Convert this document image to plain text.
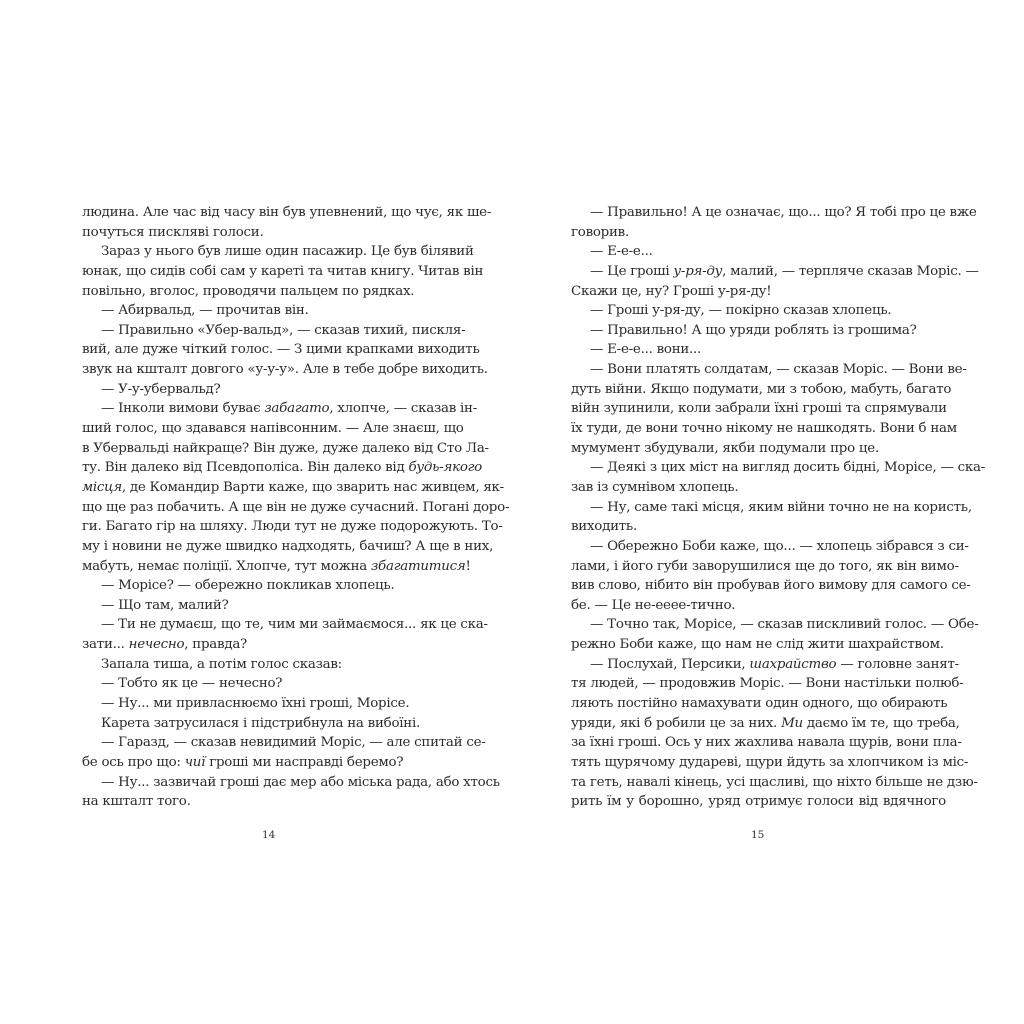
людина. Але час від часу він був упевнений, що чує, як ше-
почуться пискляві голоси.
Зараз у нього був лише один пасажир. Це був білявий
юнак, що сидів собі сам у кареті та читав книгу. Читав він
повільно, вголос, проводячи пальцем по рядках.
— Абирвальд, — прочитав він.
— Правильно «Убер-вальд», — сказав тихий, пискля-
вий, але дуже чіткий голос. — З цими крапками виходить
звук на кшталт довгого «у-у-у». Але в тебе добре виходить.
— У-у-убервальд?
— Інколи вимови буває забагато, хлопче, — сказав ін-
ший голос, що здавався напівсонним. — Але знаєш, що
в Убервальді найкраще? Він дуже, дуже далеко від Сто Ла-
ту. Він далеко від Псевдополіса. Він далеко від будь-якого
місця, де Командир Варти каже, що зварить нас живцем, як-
що ще раз побачить. А ще він не дуже сучасний. Погані доро-
ги. Багато гір на шляху. Люди тут не дуже подорожують. То-
му і новини не дуже швидко надходять, бачиш? А ще в них,
мабуть, немає поліції. Хлопче, тут можна збагатитися!
— Морісе? — обережно покликав хлопець.
— Що там, малий?
— Ти не думаєш, що те, чим ми займаємося... як це ска-
зати... нечесно, правда?
Запала тиша, а потім голос сказав:
— Тобто як це — нечесно?
— Ну... ми привласнюємо їхні гроші, Морісе.
Карета затрусилася і підстрибнула на вибоїні.
— Гаразд, — сказав невидимий Моріс, — але спитай се-
бе ось про що: чиї гроші ми насправді беремо?
— Ну... зазвичай гроші дає мер або міська рада, або хтось
на кшталт того.
— Правильно! А це означає, що... що? Я тобі про це вже
говорив.
— Е-е-е...
— Це гроші у-ря-ду, малий, — терпляче сказав Моріс. —
Скажи це, ну? Гроші у-ря-ду!
— Гроші у-ря-ду, — покірно сказав хлопець.
— Правильно! А що уряди роблять із грошима?
— Е-е-е... вони...
— Вони платять солдатам, — сказав Моріс. — Вони ве-
дуть війни. Якщо подумати, ми з тобою, мабуть, багато
війн зупинили, коли забрали їхні гроші та спрямували
їх туди, де вони точно нікому не нашкодять. Вони б нам
мумумент збудували, якби подумали про це.
— Деякі з цих міст на вигляд досить бідні, Морісе, — ска-
зав із сумнівом хлопець.
— Ну, саме такі місця, яким війни точно не на користь,
виходить.
— Обережно Боби каже, що... — хлопець зібрався з си-
лами, і його губи заворушилися ще до того, як він вимо-
вив слово, нібито він пробував його вимову для самого се-
бе. — Це не-еееe-тично.
— Точно так, Морісе, — сказав пискливий голос. — Обе-
режно Боби каже, що нам не слід жити шахрайством.
— Послухай, Персики, шахрайство — головне занят-
тя людей, — продовжив Моріс. — Вони настільки полюб-
ляють постійно намахувати один одного, що обирають
уряди, які б робили це за них. Ми даємо їм те, що треба,
за їхні гроші. Ось у них жахлива навала щурів, вони пла-
тять щурячому дудареві, щури йдуть за хлопчиком із міс-
та геть, навалі кінець, усі щасливі, що ніхто більше не дзю-
рить їм у борошно, уряд отримує голоси від вдячного
14	15
